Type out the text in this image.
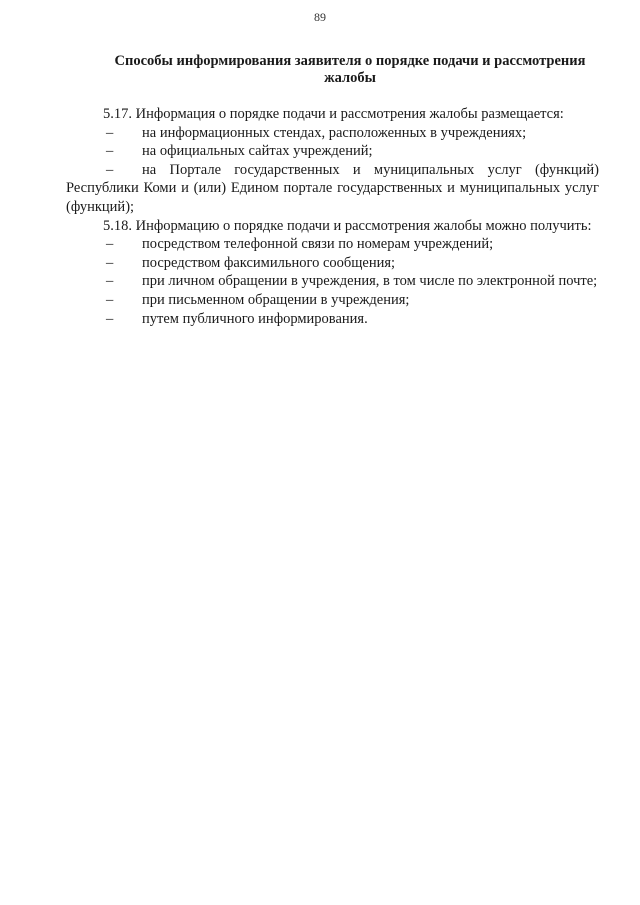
89
Способы информирования заявителя о порядке подачи и рассмотрения жалобы

5.17. Информация о порядке подачи и рассмотрения жалобы размещается:

–	на информационных стендах, расположенных в учреждениях;
–	на официальных сайтах учреждений;
–	на Портале государственных и муниципальных услуг (функций) Республики Коми и (или) Едином портале государственных и муниципальных услуг (функций);

5.18. Информацию о порядке подачи и рассмотрения жалобы можно получить:

–	посредством телефонной связи по номерам учреждений;
–	посредством факсимильного сообщения;
–	при личном обращении в учреждения, в том числе по электронной почте;
–	при письменном обращении в учреждения;
–	путем публичного информирования.
